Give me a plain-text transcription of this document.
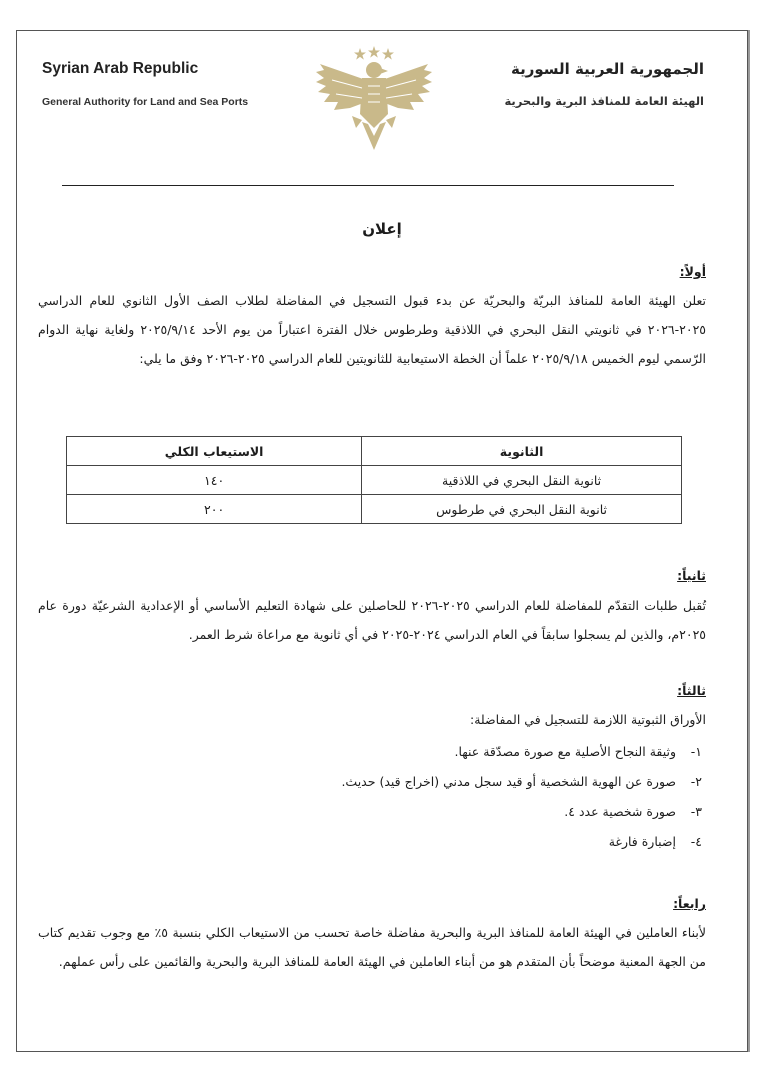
Syrian Arab Republic

General Authority for Land and Sea Ports

الجمهورية العربية السورية

الهيئة العامة للمنافذ البرية والبحرية

إعلان

أولاً:

تعلن الهيئة العامة للمنافذ البريّة والبحريّة عن بدء قبول التسجيل في المفاضلة لطلاب الصف الأول الثانوي للعام الدراسي ٢٠٢٥-٢٠٢٦ في ثانويتي النقل البحري في اللاذقية وطرطوس خلال الفترة اعتباراً من يوم الأحد ٢٠٢٥/٩/١٤ ولغاية نهاية الدوام الرّسمي ليوم الخميس ٢٠٢٥/٩/١٨ علماً أن الخطة الاستيعابية للثانويتين للعام الدراسي ٢٠٢٥-٢٠٢٦ وفق ما يلي:

الثانوية	الاستيعاب الكلي
ثانوية النقل البحري في اللاذقية	١٤٠
ثانوية النقل البحري في طرطوس	٢٠٠

ثانياً:

تُقبل طلبات التقدّم للمفاضلة للعام الدراسي ٢٠٢٥-٢٠٢٦ للحاصلين على شهادة التعليم الأساسي أو الإعدادية الشرعيّة دورة عام ٢٠٢٥م، والذين لم يسجلوا سابقاً في العام الدراسي ٢٠٢٤-٢٠٢٥ في أي ثانوية مع مراعاة شرط العمر.

ثالثاً:

الأوراق الثبوتية اللازمة للتسجيل في المفاضلة:

١- وثيقة النجاح الأصلية مع صورة مصدّقة عنها.

٢- صورة عن الهوية الشخصية أو قيد سجل مدني (اخراج قيد) حديث.

٣- صورة شخصية عدد ٤.

٤- إضبارة فارغة

رابعاً:

لأبناء العاملين في الهيئة العامة للمنافذ البرية والبحرية مفاضلة خاصة تحسب من الاستيعاب الكلي بنسبة ٥٪ مع وجوب تقديم كتاب من الجهة المعنية موضحاً بأن المتقدم هو من أبناء العاملين في الهيئة العامة للمنافذ البرية والبحرية والقائمين على رأس عملهم.
